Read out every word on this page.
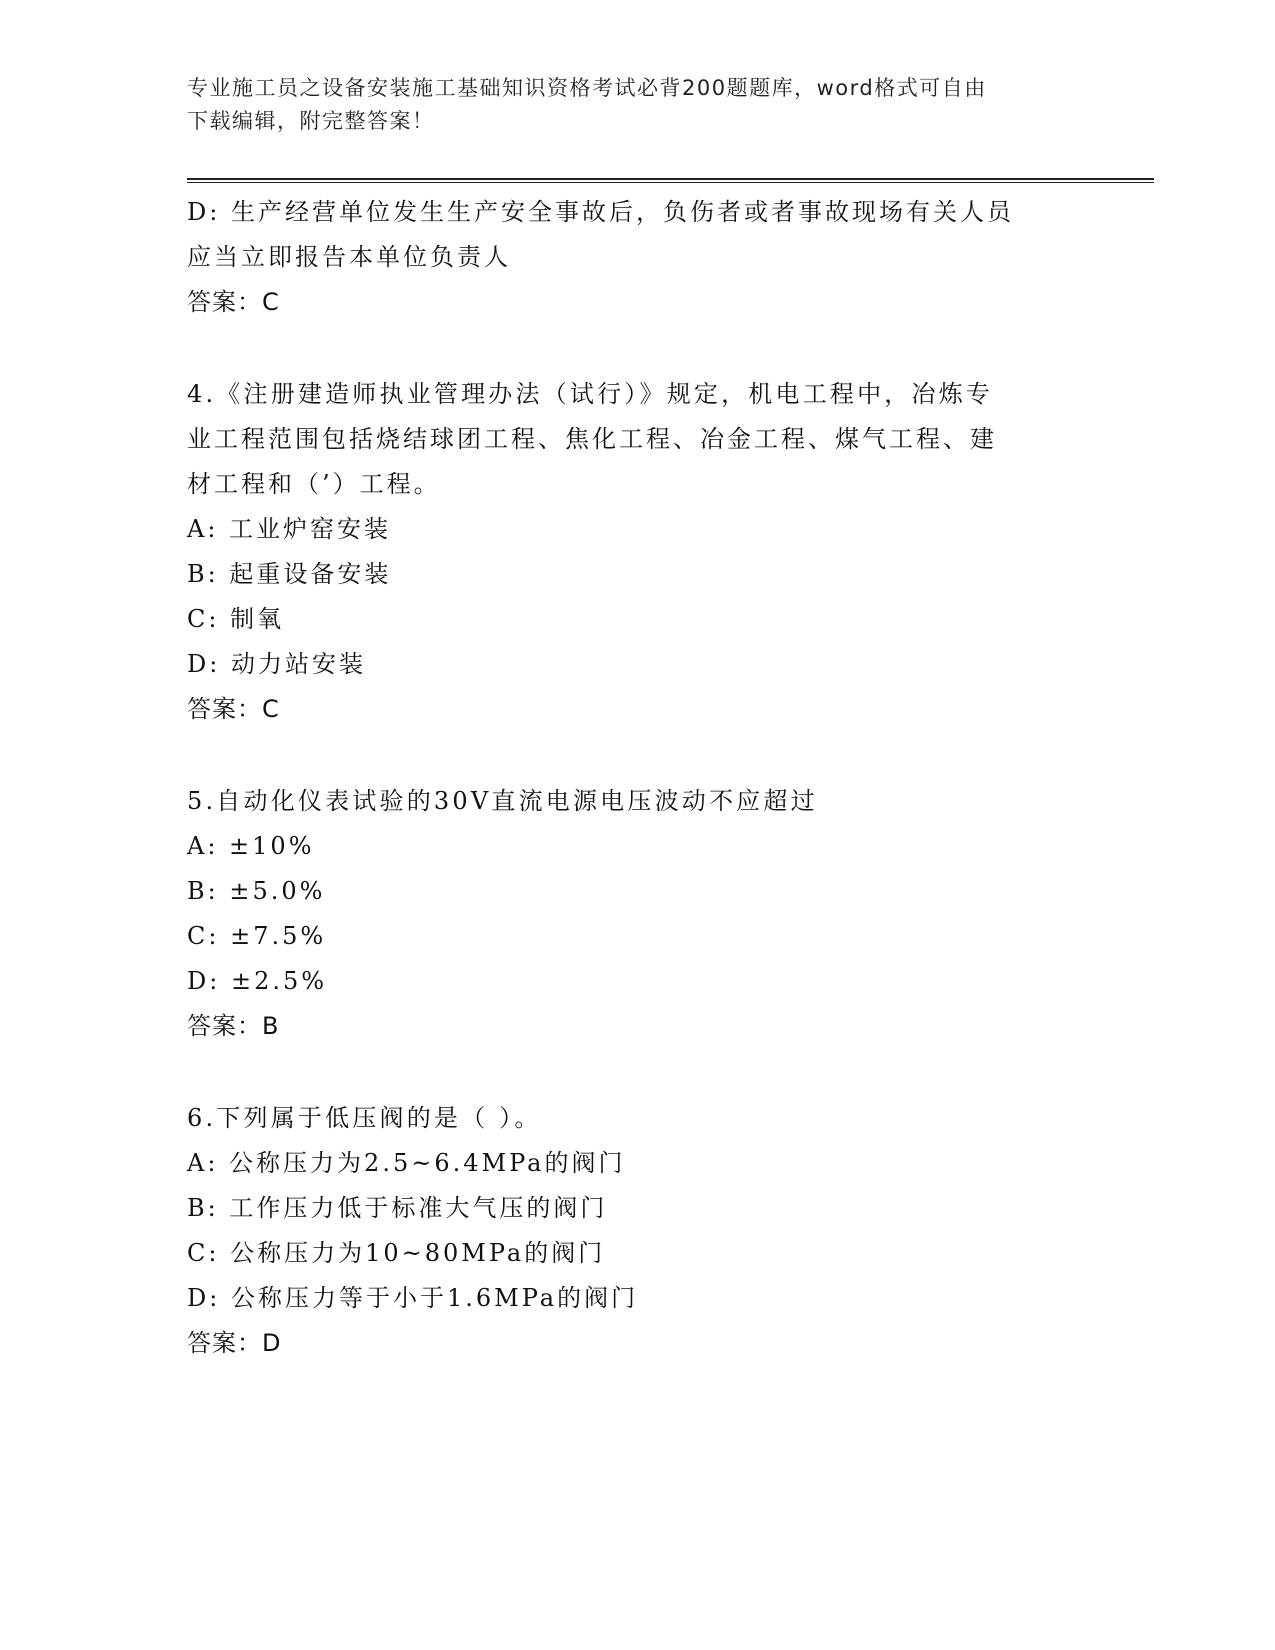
专业施工员之设备安装施工基础知识资格考试必背200题题库，word格式可自由
下载编辑，附完整答案！
D: 生产经营单位发生生产安全事故后，负伤者或者事故现场有关人员
应当立即报告本单位负责人
答案：C
4.《注册建造师执业管理办法（试行）》规定，机电工程中，冶炼专
业工程范围包括烧结球团工程、焦化工程、冶金工程、煤气工程、建
材工程和（’）工程。
A: 工业炉窑安装
B: 起重设备安装
C: 制氧
D: 动力站安装
答案：C
5.自动化仪表试验的30V直流电源电压波动不应超过
A: ±10%
B: ±5.0%
C: ±7.5%
D: ±2.5%
答案：B
6.下列属于低压阀的是（ ）。
A: 公称压力为2.5~6.4MPa的阀门
B: 工作压力低于标准大气压的阀门
C: 公称压力为10~80MPa的阀门
D: 公称压力等于小于1.6MPa的阀门
答案：D
